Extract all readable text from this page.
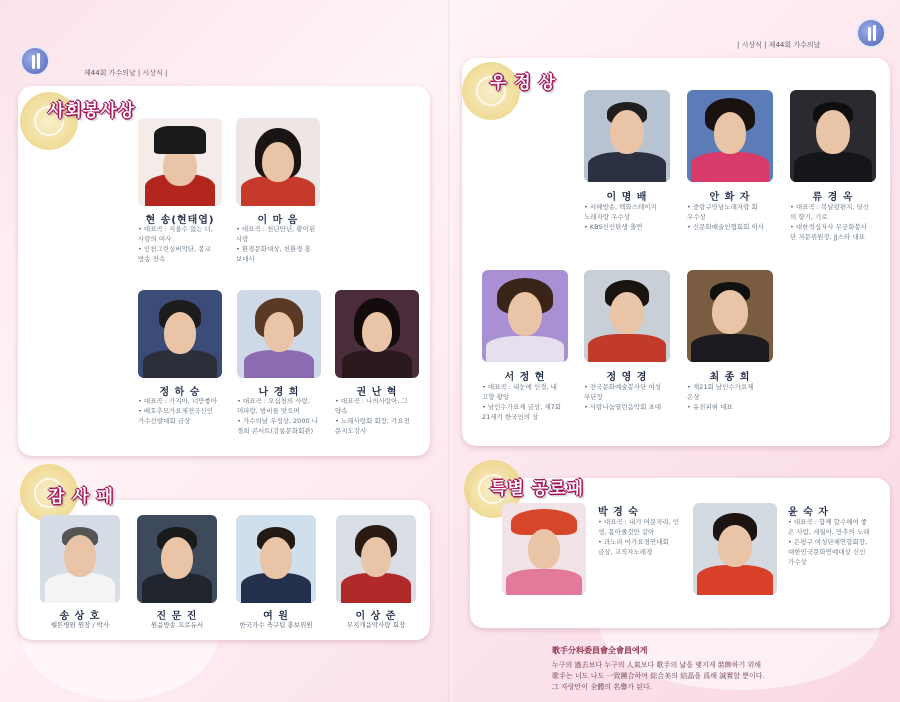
제44회 가수의날 | 시상식 |
사회봉사상
현 송(현태엽)
• 대표곡 : 지울수 없는 너,
사랑의 여사
• 인천그린실버악단, 봉교
방송 전속
이 마 음
• 대표곡 : 천년만년, 황이된
사랑
• 환경문화대상, 친환경 홍
보대사
정 하 승
• 대표곡 : 가지마, 너만좋아
• 배호추모가요제전국신인
가수선발대회 금상
나 경 희
• 대표곡 : 오십천의 사랑,
미파랑, 밤비를 맞으며
• 가수의날 우정상, 2000 나
경희 콘서트(강릉문화회관)
권 난 혁
• 대표곡 : 나의사랑아, 그
약속
• 노래사랑회 회장, 가요전
문지도강사
감 사 패
송 상 호
웰튼병원 원장 / 박사
진 문 진
원음방송 프로듀서
여 원
한국가수 축구팀 홍보위원
이 상 준
무지개음악사랑 회장
| 시상식 | 제44회 가수의날
우 정 상
이 명 배
• 서해방송, 백화스테이지
노래자랑 우수상
• KBS신인탄생 출연
안 화 자
• 중랑구민남노래자랑 회
우수상
• 신문화예술인협회회 이사
류 경 옥
• 대표곡 : 복날광편지, 당신
의 향기, 기로
• 대한적십자사 무궁화봉사
단 자문위원장, JJ스타 대표
서 정 현
• 대표곡 : 내눈에 인경, 내
고향 황앙
• 남인수가요제 금상, 제7회
21세기 한국인의 상
정 영 경
• 전국문화예술봉사단 여성
부단장
• 사랑나눔열린음악회 초대
최 종 희
• 제21회 남인수가요제
은상
• 유진피혀 대표
특별 공로패
박 경 숙
• 대표곡 : 내가 머문자리, 인
생, 몸아줄것만 같아
• 과노라 마가요경연대회
금상, 교직자노래경
윤 숙 자
• 대표곡 : 함께 합수해여 좋
은 사람, 세월아, 만추의 노래
• 은평구 여성단체연합회장,
대한민국문화연예대상 신인
가수상
歌手分科委員會全會員에게
누구의 過去보다 누구의 人氣보다 歌手의 낢을 맺지게 裝飾하기 위해
歌手는 너도 나도 一致團合하여 綜合美의 結晶을 爲해 誠實할 뿐이다.
그 자랑만이 全體의 名譽가 된다.
